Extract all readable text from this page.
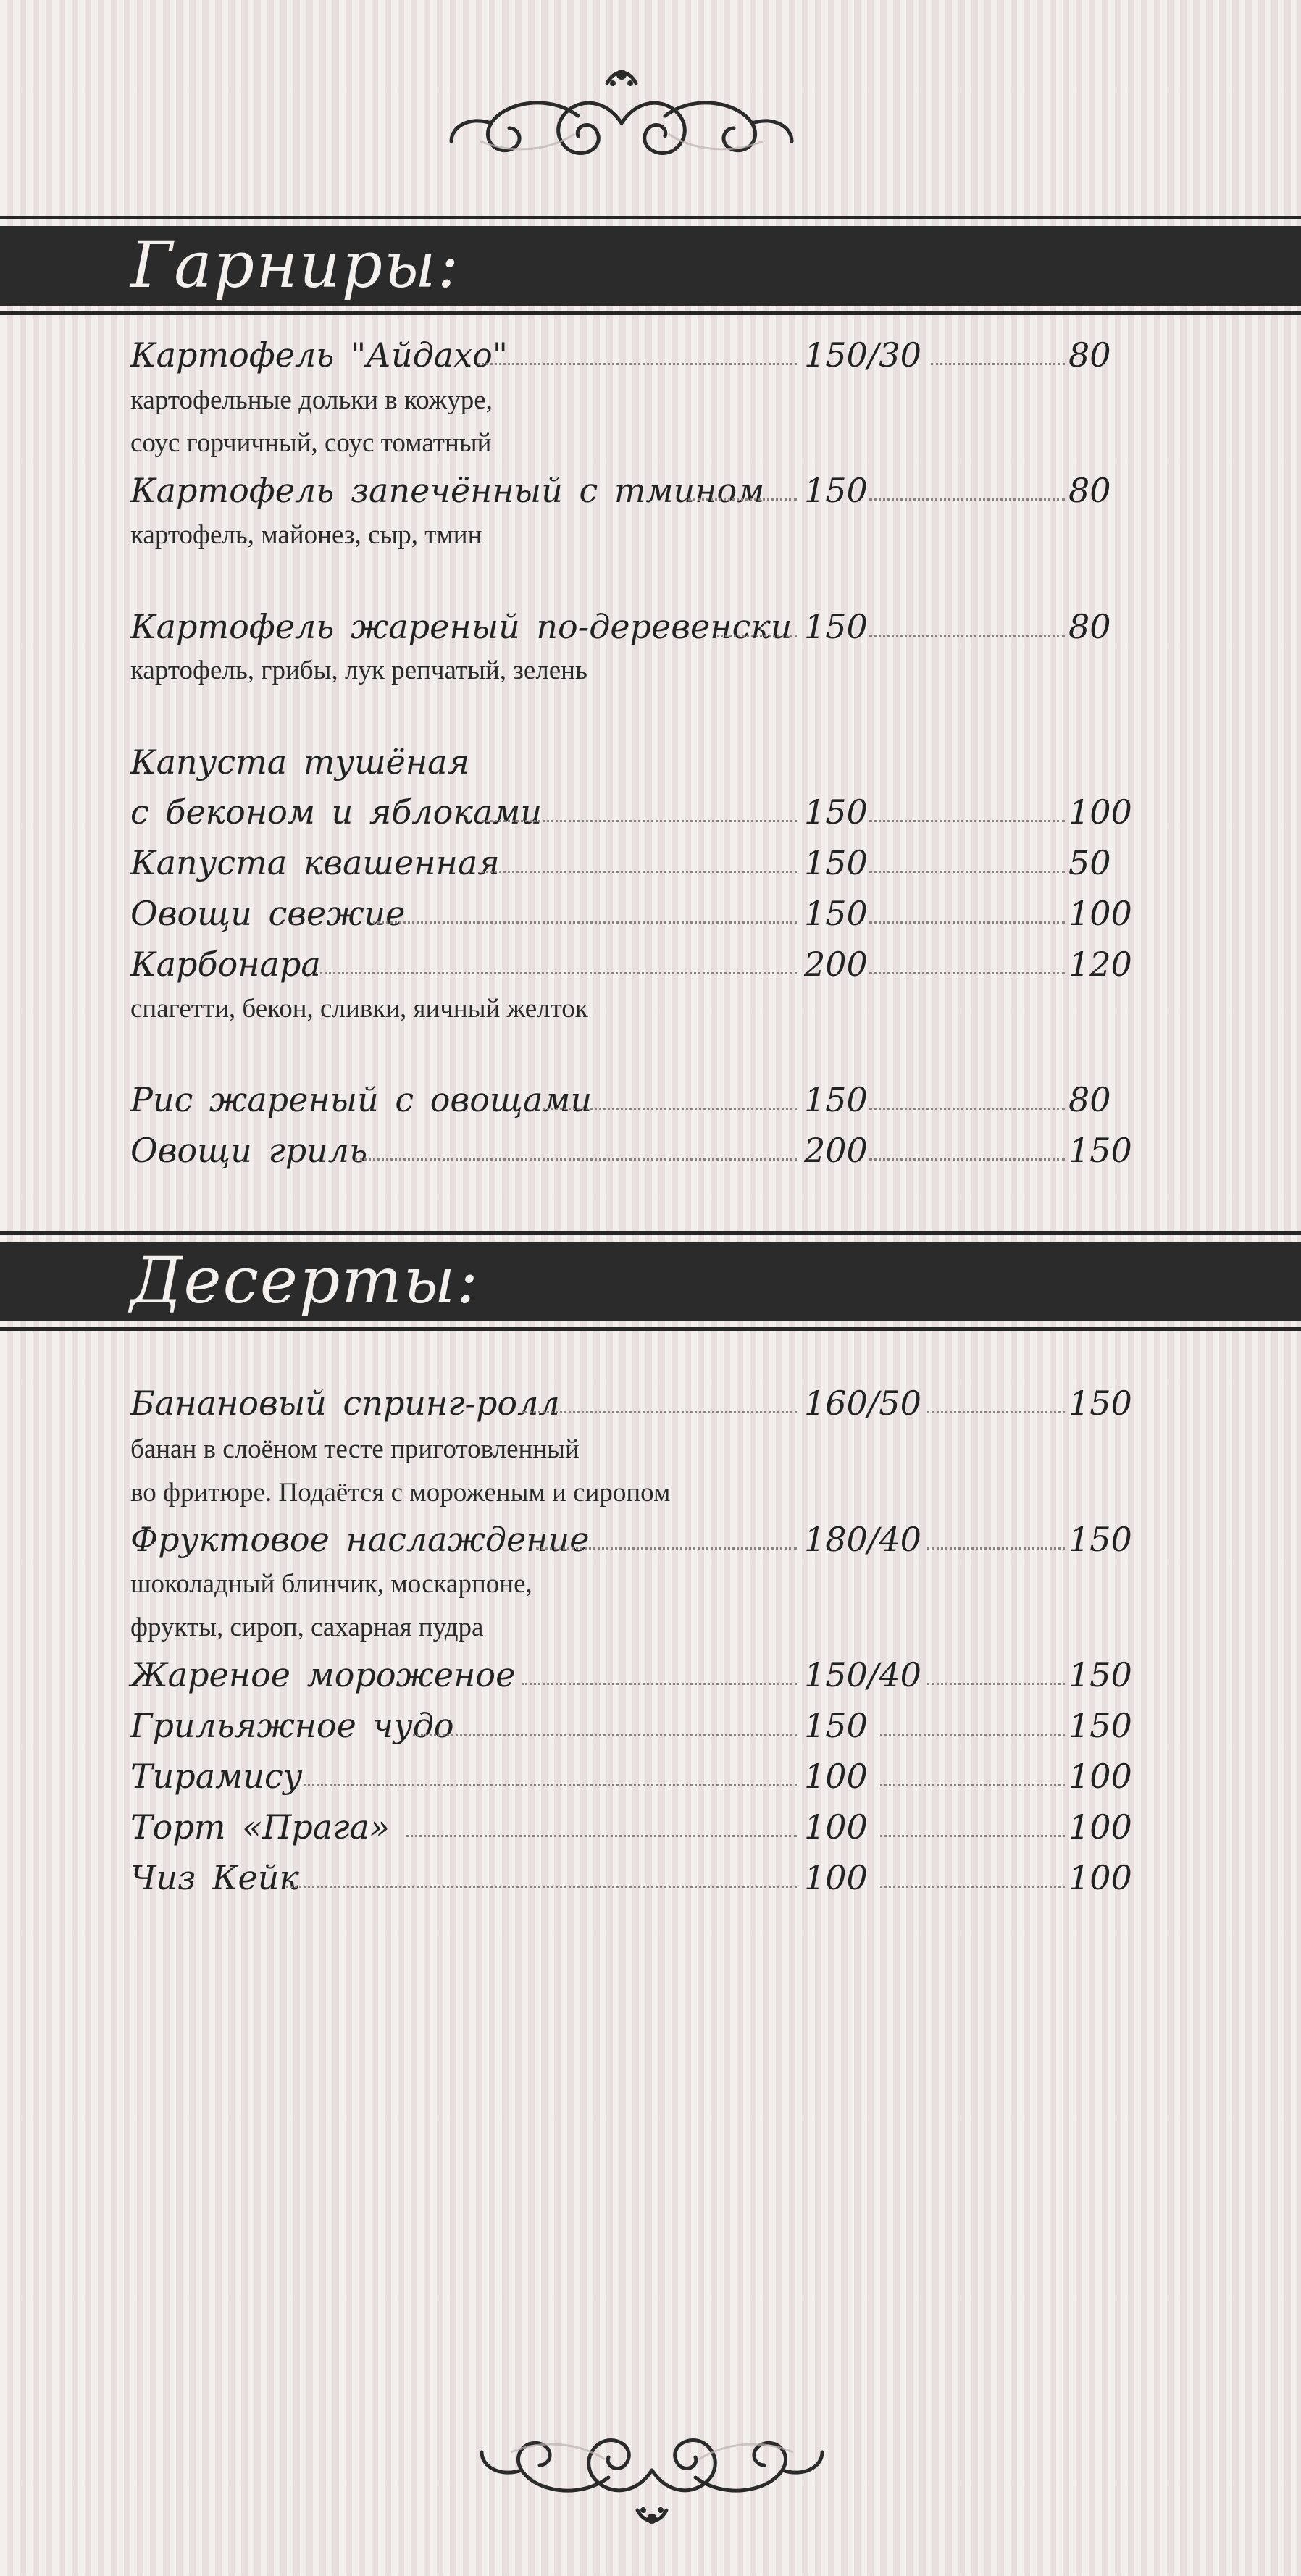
Гарниры:
Картофель "Айдахо"	150/30	80
картофельные дольки в кожуре,
соус горчичный, соус томатный
Картофель запечённый с тмином 150	80
картофель, майонез, сыр, тмин
Картофель жареный по-деревенски 150	80
картофель, грибы, лук репчатый, зелень
Капуста тушёная
с беконом и яблоками	150	100
Капуста квашенная	150	50
Овощи свежие	150	100
Карбонара	200	120
спагетти, бекон, сливки, яичный желток
Рис жареный с овощами	150	80
Овощи гриль	200	150
Десерты:
Банановый спринг-ролл	160/50	150
банан в слоёном тесте приготовленный
во фритюре. Подаётся с мороженым и сиропом
Фруктовое наслаждение	180/40	150
шоколадный блинчик, москарпоне,
фрукты, сироп, сахарная пудра
Жареное мороженое	150/40	150
Грильяжное чудо	150	150
Тирамису	100	100
Торт «Прага»	100	100
Чиз Кейк	100	100
